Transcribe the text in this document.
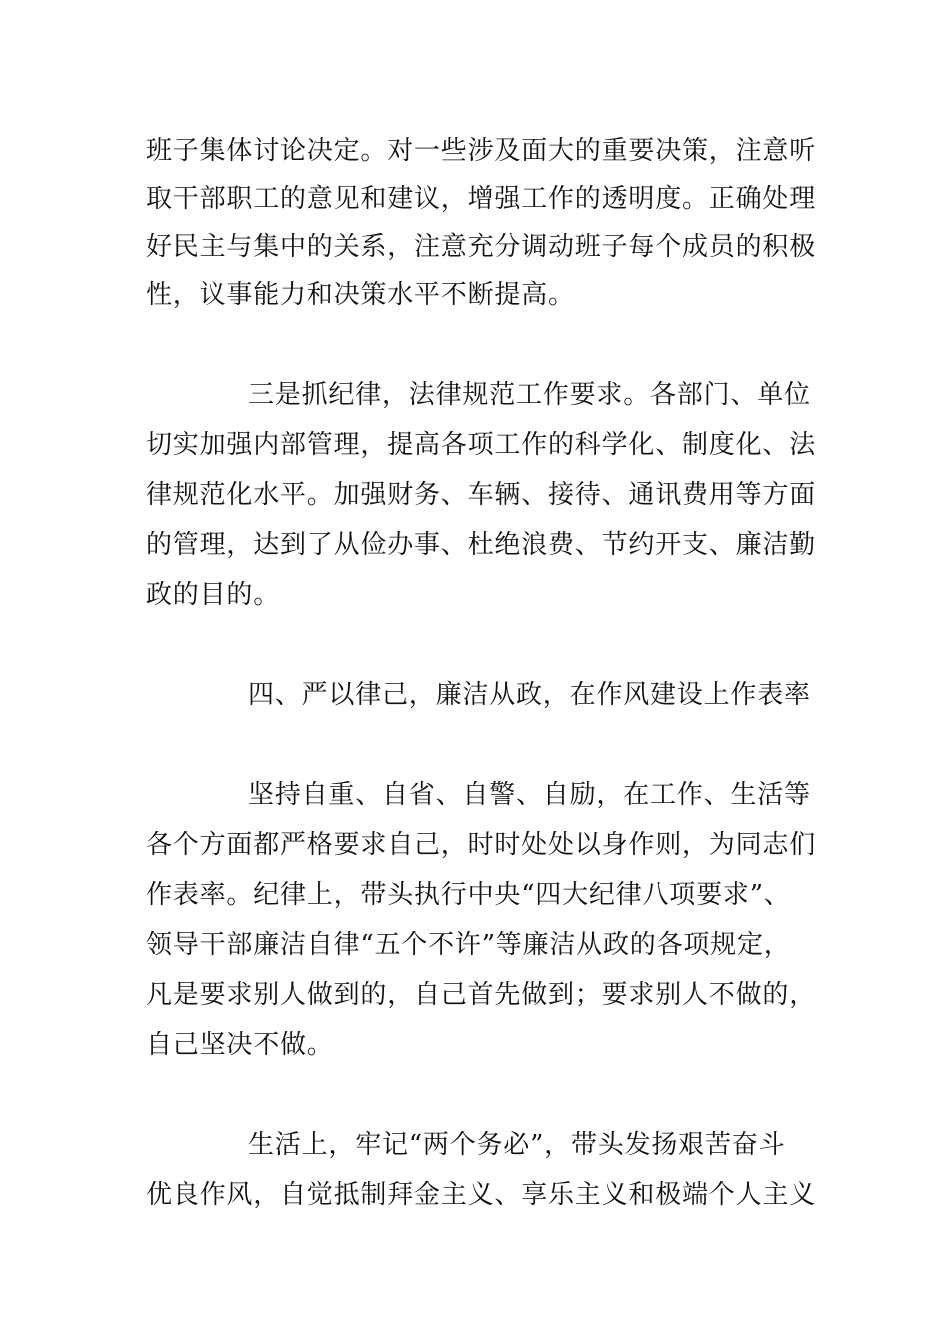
班子集体讨论决定。对一些涉及面大的重要决策，注意听
取干部职工的意见和建议，增强工作的透明度。正确处理
好民主与集中的关系，注意充分调动班子每个成员的积极
性，议事能力和决策水平不断提高。
三是抓纪律，法律规范工作要求。各部门、单位
切实加强内部管理，提高各项工作的科学化、制度化、法
律规范化水平。加强财务、车辆、接待、通讯费用等方面
的管理，达到了从俭办事、杜绝浪费、节约开支、廉洁勤
政的目的。
四、严以律己，廉洁从政，在作风建设上作表率
坚持自重、自省、自警、自励，在工作、生活等
各个方面都严格要求自己，时时处处以身作则，为同志们
作表率。纪律上，带头执行中央“四大纪律八项要求”、
领导干部廉洁自律“五个不许”等廉洁从政的各项规定，
凡是要求别人做到的，自己首先做到；要求别人不做的，
自己坚决不做。
生活上，牢记“两个务必”，带头发扬艰苦奋斗
优良作风，自觉抵制拜金主义、享乐主义和极端个人主义
